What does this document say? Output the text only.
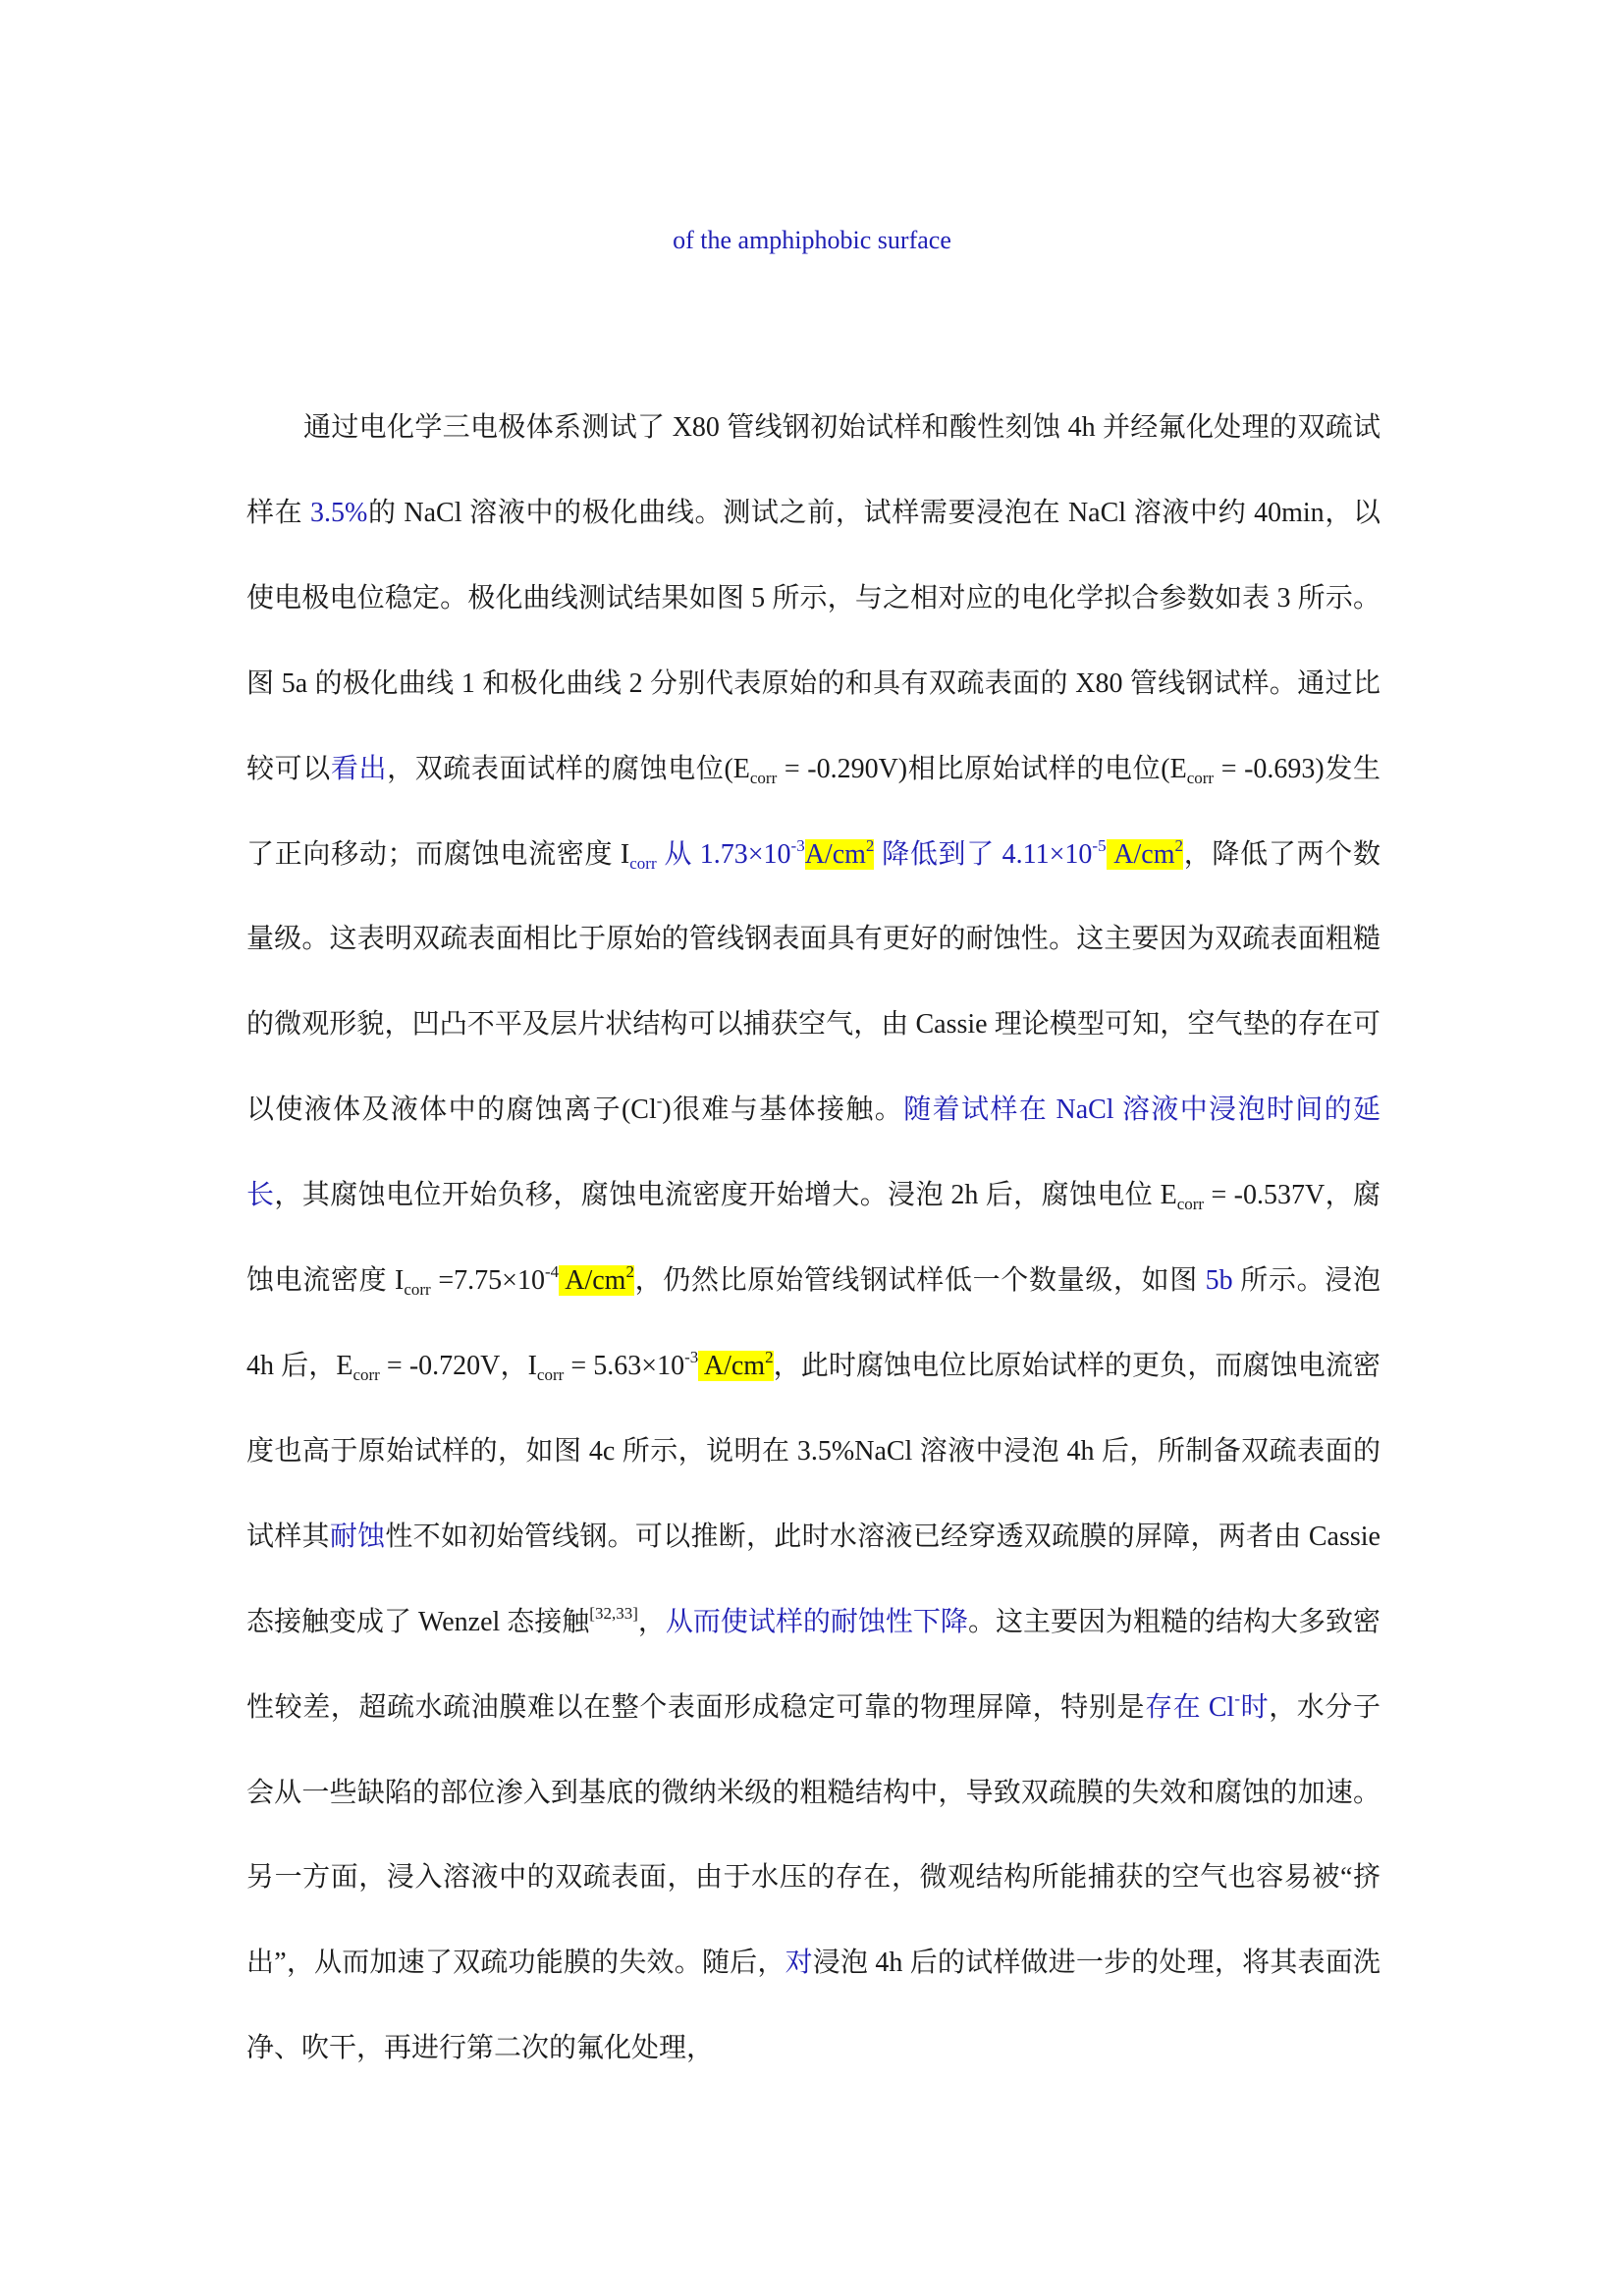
of the amphiphobic surface

通过电化学三电极体系测试了 X80 管线钢初始试样和酸性刻蚀 4h 并经氟化处理的双疏试样在 3.5%的 NaCl 溶液中的极化曲线。测试之前，试样需要浸泡在 NaCl 溶液中约 40min，以使电极电位稳定。极化曲线测试结果如图 5 所示，与之相对应的电化学拟合参数如表 3 所示。图 5a 的极化曲线 1 和极化曲线 2 分别代表原始的和具有双疏表面的 X80 管线钢试样。通过比较可以看出，双疏表面试样的腐蚀电位$(E_{corr} = -0.290V)$相比原始试样的电位$(E_{corr} = -0.693)$发生了正向移动；而腐蚀电流密度 $I_{corr}$ 从 $1.73\times 10^{-3}A/cm^2$ 降低到了 $4.11\times 10^{-5}$ $A/cm^2$，降低了两个数量级。这表明双疏表面相比于原始的管线钢表面具有更好的耐蚀性。这主要因为双疏表面粗糙的微观形貌，凹凸不平及层片状结构可以捕获空气，由 Cassie 理论模型可知，空气垫的存在可以使液体及液体中的腐蚀离子(Cl-)很难与基体接触。随着试样在 NaCl 溶液中浸泡时间的延长，其腐蚀电位开始负移，腐蚀电流密度开始增大。浸泡 2h 后，腐蚀电位 $E_{corr} = -0.537V$，腐蚀电流密度 $I_{corr} =7.75\times 10^{-4}$ $A/cm^2$，仍然比原始管线钢试样低一个数量级，如图 5b 所示。浸泡 4h 后，$E_{corr} = -0.720V$，$I_{corr} = 5.63\times 10^{-3}$ $A/cm^2$，此时腐蚀电位比原始试样的更负，而腐蚀电流密度也高于原始试样的，如图 4c 所示，说明在 3.5%NaCl 溶液中浸泡 4h 后，所制备双疏表面的试样其耐蚀性不如初始管线钢。可以推断，此时水溶液已经穿透双疏膜的屏障，两者由 Cassie 态接触变成了 Wenzel 态接触[32,33]，从而使试样的耐蚀性下降。这主要因为粗糙的结构大多致密性较差，超疏水疏油膜难以在整个表面形成稳定可靠的物理屏障，特别是存在 Cl-时，水分子会从一些缺陷的部位渗入到基底的微纳米级的粗糙结构中，导致双疏膜的失效和腐蚀的加速。另一方面，浸入溶液中的双疏表面，由于水压的存在，微观结构所能捕获的空气也容易被“挤出”，从而加速了双疏功能膜的失效。随后，对浸泡 4h 后的试样做进一步的处理，将其表面洗净、吹干，再进行第二次的氟化处理，
